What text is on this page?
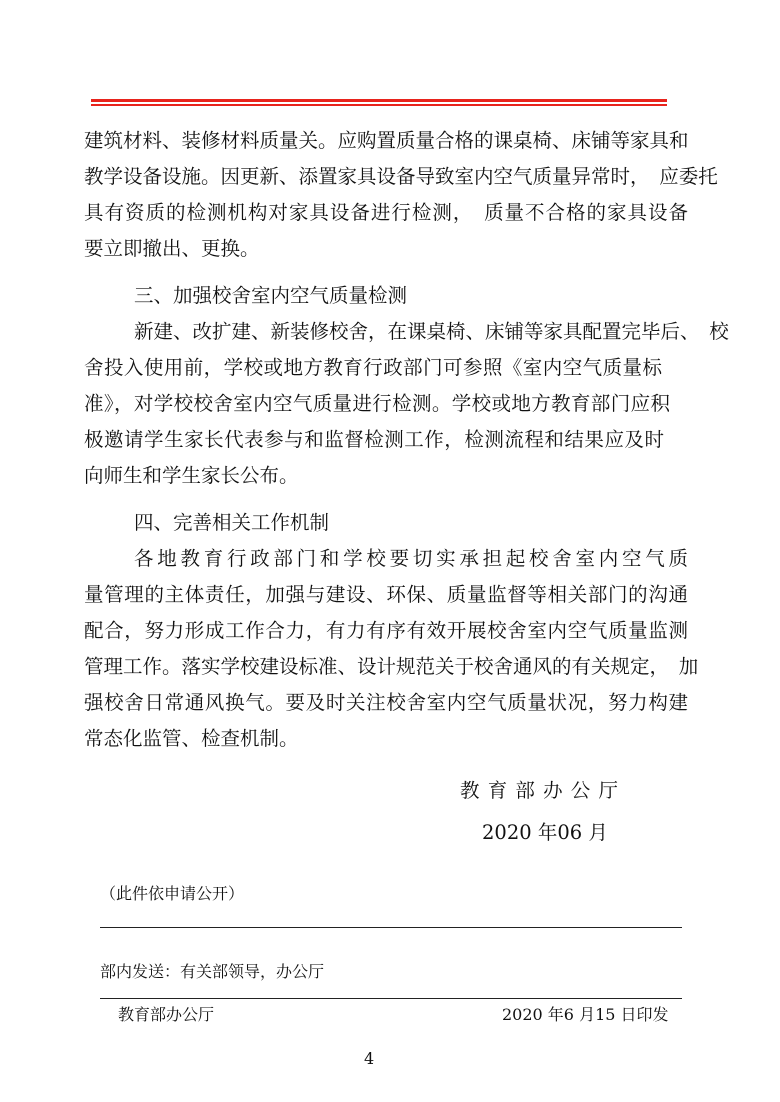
建筑材料、装修材料质量关。应购置质量合格的课桌椅、床铺等家具和
教学设备设施。因更新、添置家具设备导致室内空气质量异常时，　应委托
具有资质的检测机构对家具设备进行检测，　质量不合格的家具设备
要立即撤出、更换。
三、加强校舍室内空气质量检测
新建、改扩建、新装修校舍，在课桌椅、床铺等家具配置完毕后、　校
舍投入使用前，学校或地方教育行政部门可参照《室内空气质量标
准》，对学校校舍室内空气质量进行检测。学校或地方教育部门应积
极邀请学生家长代表参与和监督检测工作，检测流程和结果应及时
向师生和学生家长公布。
四、完善相关工作机制
各地教育行政部门和学校要切实承担起校舍室内空气质
量管理的主体责任，加强与建设、环保、质量监督等相关部门的沟通
配合，努力形成工作合力，有力有序有效开展校舍室内空气质量监测
管理工作。落实学校建设标准、设计规范关于校舍通风的有关规定，　加
强校舍日常通风换气。要及时关注校舍室内空气质量状况，努力构建
常态化监管、检查机制。
教 育 部 办 公 厅
2020 年06 月
（此件依申请公开）
部内发送：有关部领导，办公厅
教育部办公厅	2020 年6 月15 日印发
4
